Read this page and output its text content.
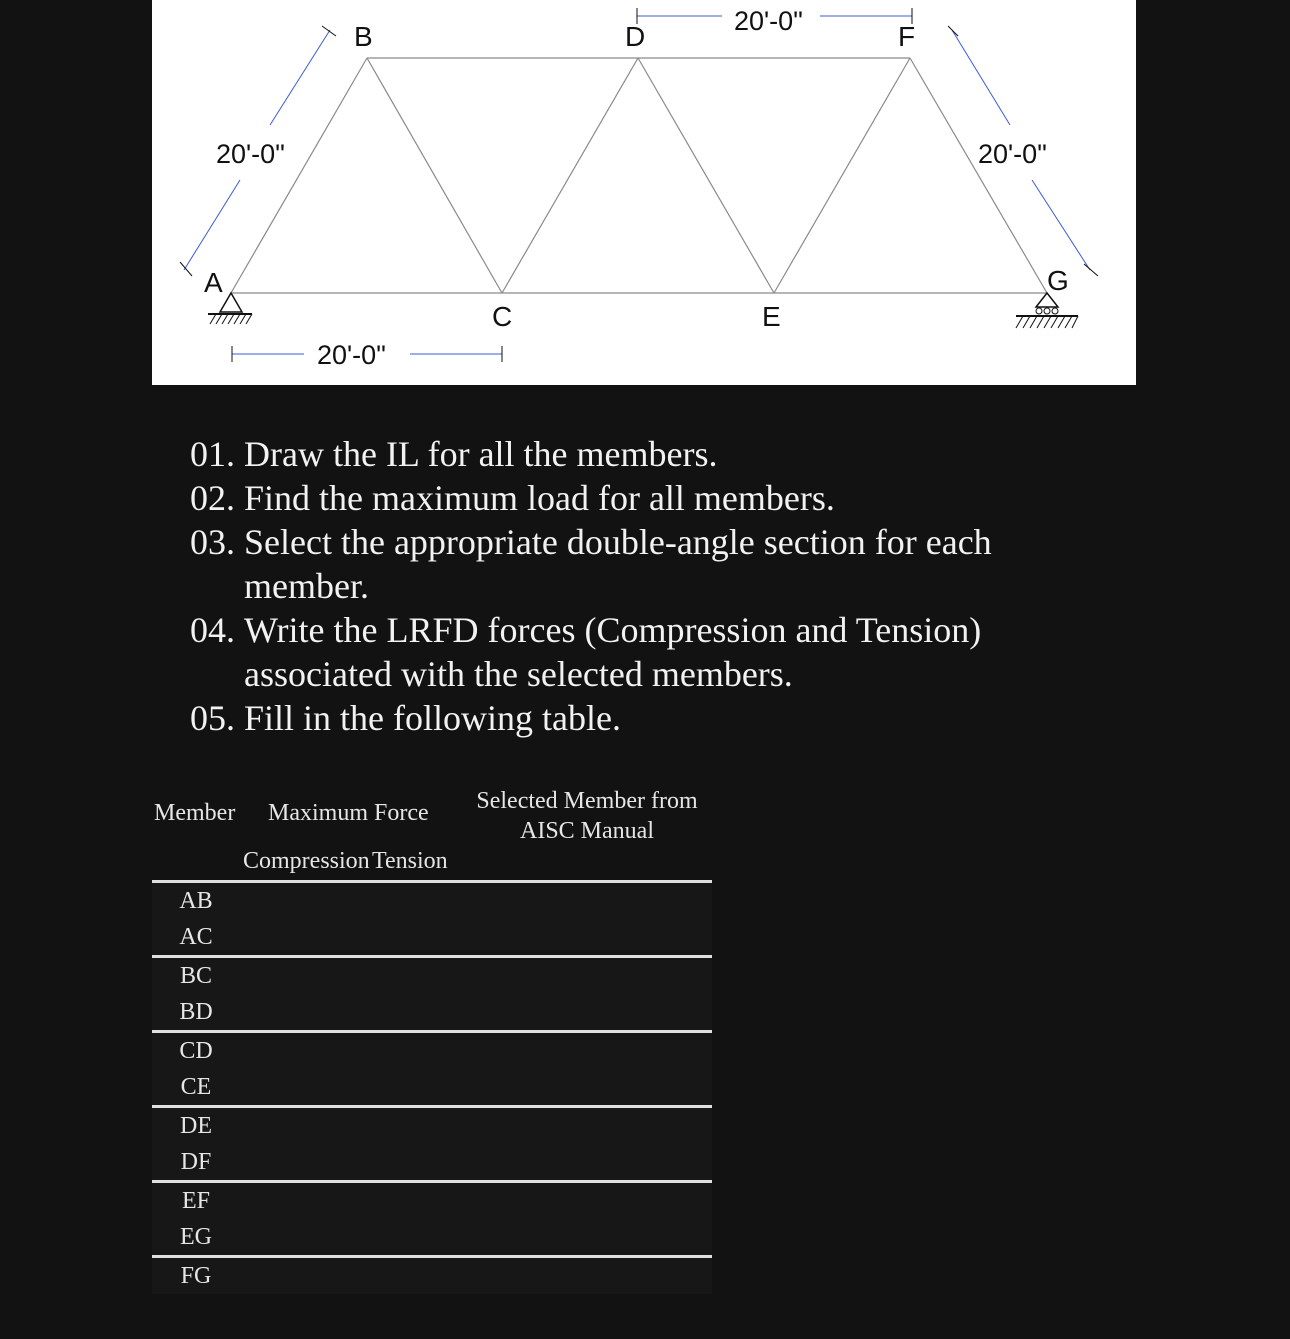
A
B
C
D
E
F
G
20'-0"
20'-0"
20'-0"	20'-0"
01. Draw the IL for all the members.
02. Find the maximum load for all members.
03. Select the appropriate double-angle section for each member.
04. Write the LRFD forces (Compression and Tension) associated with the selected members.
05. Fill in the following table.
Member Maximum Force	Selected Member from
AISC Manual
Compression Tension
AB
AC
BC
BD
CD
CE
DE
DF
EF
EG
FG
